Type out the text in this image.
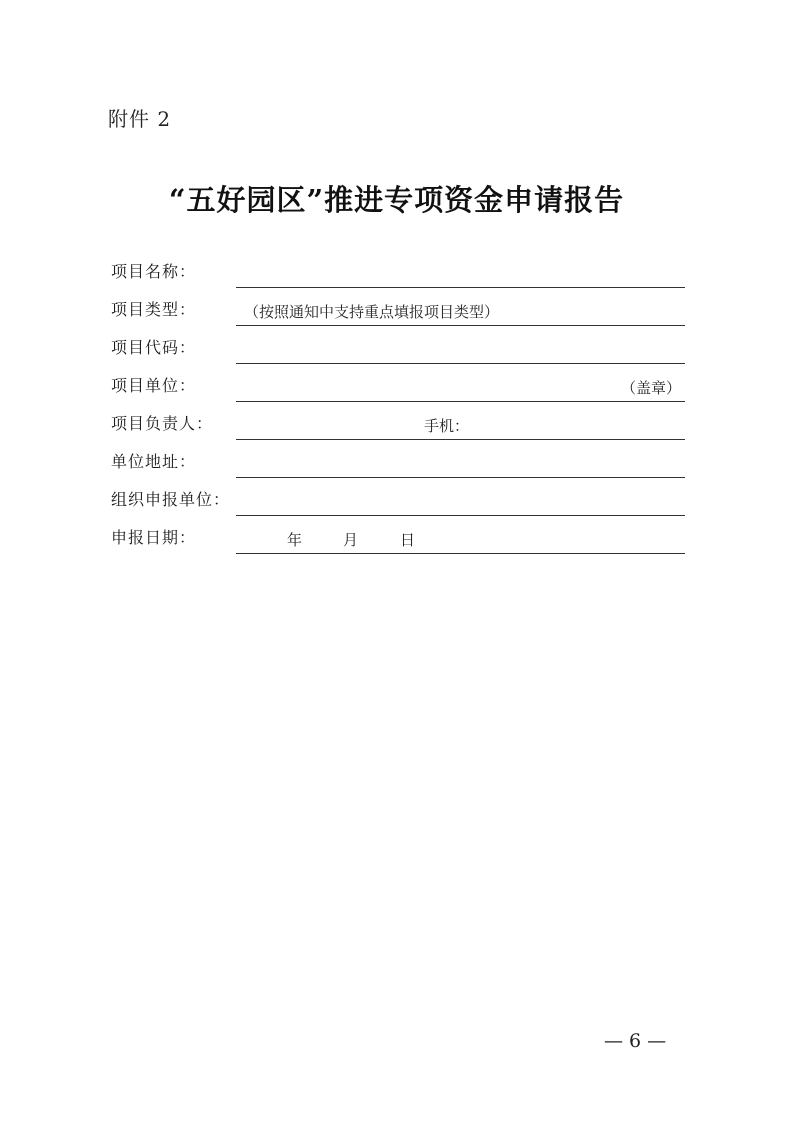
附件 2
“五好园区”推进专项资金申请报告
项目名称：
项目类型：	（按照通知中支持重点填报项目类型）
项目代码：
项目单位：	（盖章）
项目负责人：	手机：
单位地址：
组织申报单位：
申报日期：	年	月	日
— 6 —
